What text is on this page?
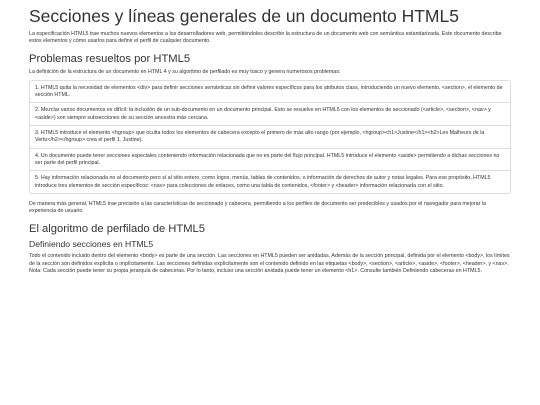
Secciones y líneas generales de un documento HTML5

La especificación HTML5 trae muchos nuevos elementos a los desarrolladores web, permitiéndoles describir la estructura de un documento web con semántica estandarizada. Este documento describe estos elementos y cómo usarlos para definir el perfil de cualquier documento.

Problemas resueltos por HTML5

La definición de la estructura de un documento en HTML 4 y su algoritmo de perfilado es muy tosco y genera numerosos problemas:

1. HTML5 quita la necesidad de elementos <div> para definir secciones semánticas sin definir valores específicos para los atributos class, introduciendo un nuevo elemento, <section>, el elemento de sección HTML.

2. Mezclar varios documentos es difícil: la inclusión de un sub-documento en un documento principal. Esto se resuelve en HTML5 con los elementos de seccionado (<article>, <section>, <nav> y <aside>) son siempre subsecciones de su sección ancestra más cercana.

3. HTML5 introduce el elemento <hgroup> que oculta todos los elementos de cabecera excepto el primero de más alto rango (por ejemplo, <hgroup><h1>Justine</h1><h2>Les Malheurs de la Vertu</h2></hgroup> crea el perfil 1. Justine).

4. Un documento puede tener secciones especiales conteniendo información relacionada que no es parte del flujo principal. HTML5 introduce el elemento <aside> permitiendo a dichas secciones no ser parte del perfil principal.

5. Hay información relacionada no al documento pero sí al sitio entero, como logos, menús, tablas de contenidos, o información de derechos de autor y notas legales. Para ese propósito, HTML5 introduce tres elementos de sección específicos: <nav> para colecciones de enlaces, como una tabla de contenidos, <footer> y <header> información relacionada con el sitio.

De manera más general, HTML5 trae precisión a las características de seccionado y cabecera, permitiendo a los perfiles de documento ser predecibles y usados por el navegador para mejorar la experiencia de usuario.

El algoritmo de perfilado de HTML5
Definiendo secciones en HTML5

Todo el contenido incluido dentro del elemento <body> es parte de una sección. Las secciones en HTML5 pueden ser anidadas. Además de la sección principal, definida por el elemento <body>, los límites de la sección son definidos explícita o implícitamente. Las secciones definidas explícitamente son el contenido definido en las etiquetas <body>, <section>, <article>, <aside>, <footer>, <header>, y <nav>. Nota: Cada sección puede tener su propia jerarquía de cabeceras. Por lo tanto, incluso una sección anidada puede tener un elemento <h1>. Consulte también Definiendo cabeceras en HTML5.
